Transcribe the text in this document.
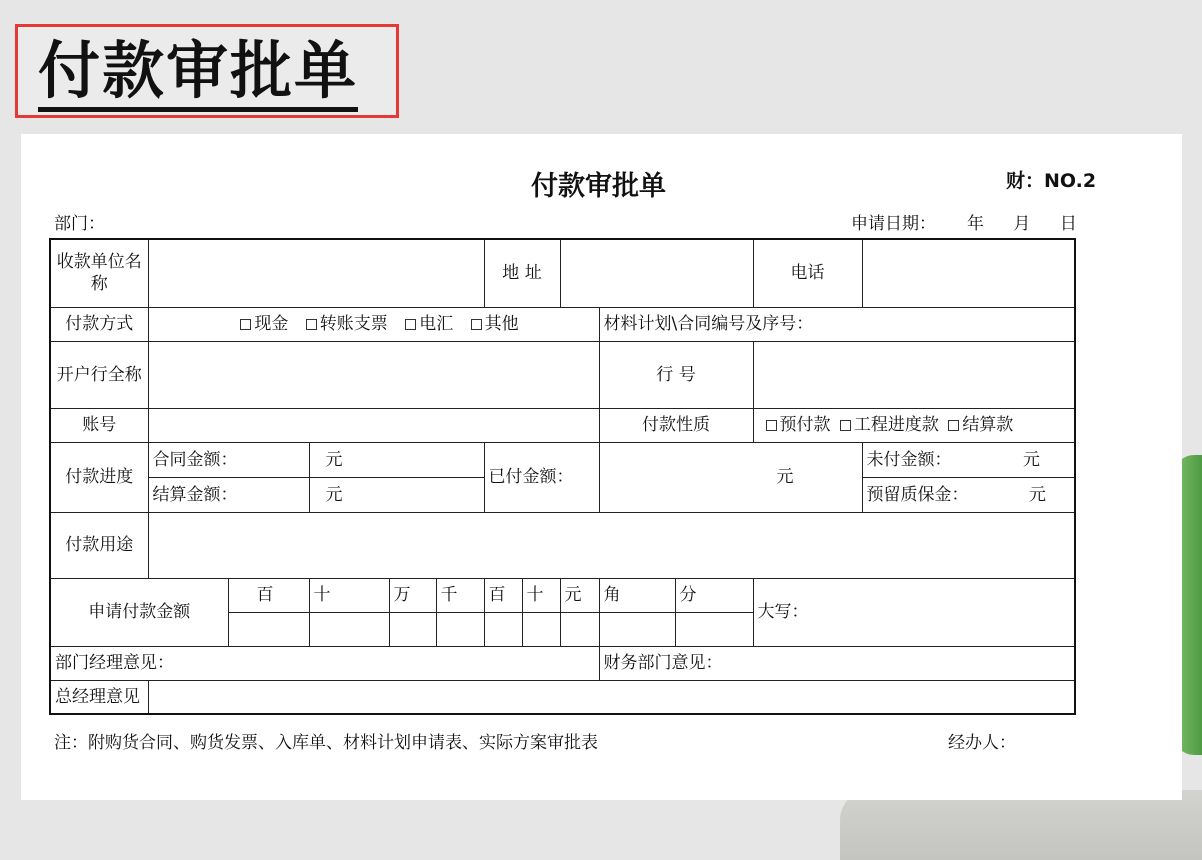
付款审批单
付款审批单	财：NO.2
部门：	申请日期： 年 月 日
收款单位名称						地 址					电话	
付款方式	现金 转账支票 电汇 其他								材料计划\合同编号及序号：			
开户行全称									行 号			
账号									付款性质		预付款 工程进度款 结算款	
付款进度	合同金额：		元			已付金额：			元			未付金额： 元

	结算金额：		元									预留质保金： 元

付款用途												
申请付款金额		百	十	万	千	百	十	元	角	分	大写：	

部门经理意见：									财务部门意见：			
总经理意见												
注：附购货合同、购货发票、入库单、材料计划申请表、实际方案审批表	经办人：
